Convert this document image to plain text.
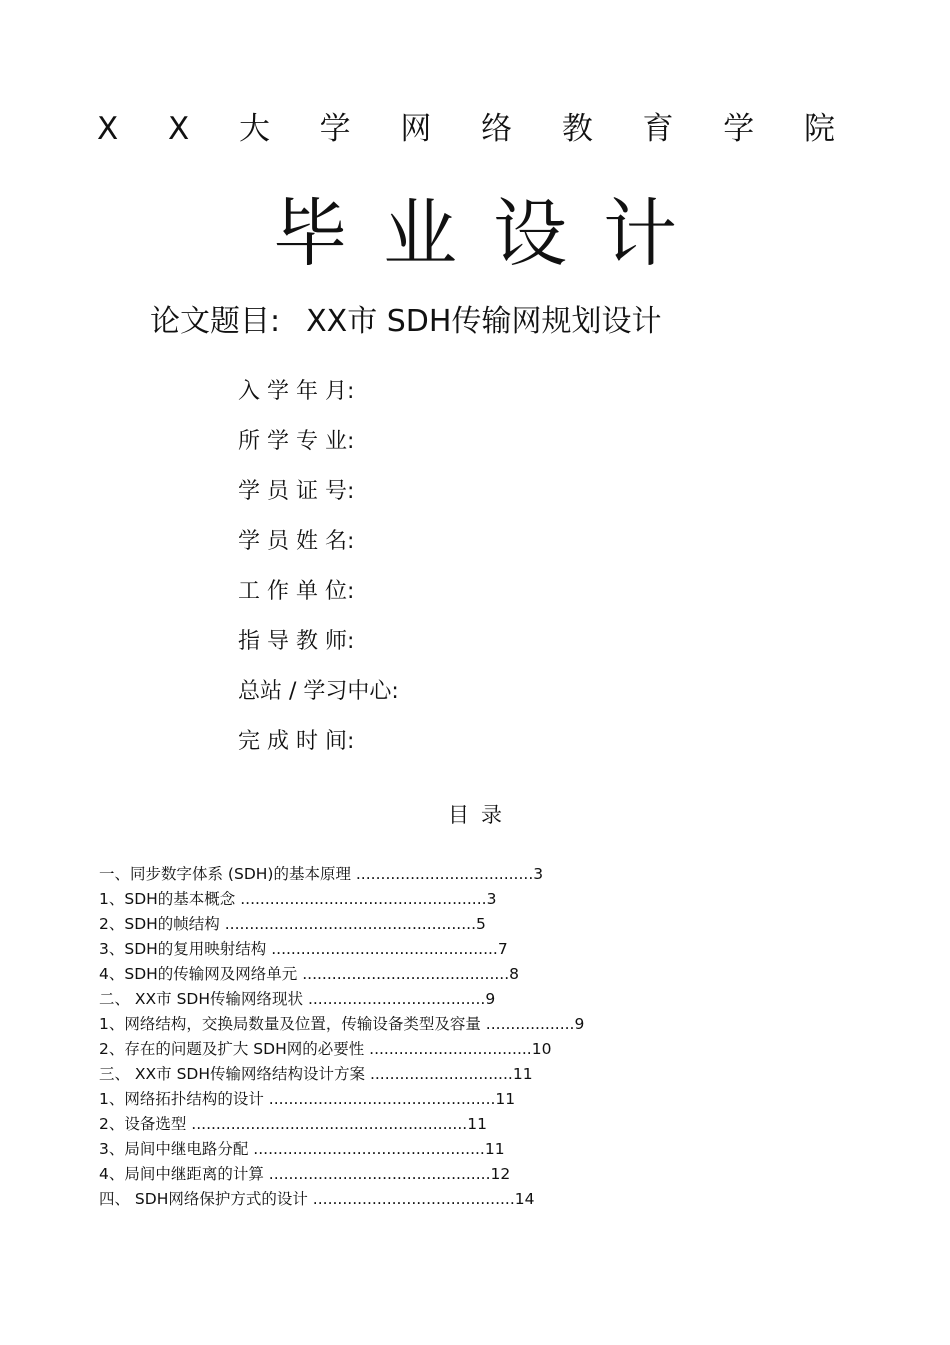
X X 大 学 网 络 教 育 学 院
毕业设计
论文题目: XX市 SDH传输网规划设计
入 学 年 月:
所 学 专 业:
学 员 证 号:
学 员 姓 名:
工 作 单 位:
指 导 教 师:
总站 / 学习中心:
完 成 时 间:
目录
一、同步数字体系 (SDH)的基本原理 ....................................3
1、SDH的基本概念 ..................................................3
2、SDH的帧结构 ...................................................5
3、SDH的复用映射结构 ..............................................7
4、SDH的传输网及网络单元 ..........................................8
二、 XX市 SDH传输网络现状 ....................................9
1、网络结构，交换局数量及位置，传输设备类型及容量 ..................9
2、存在的问题及扩大 SDH网的必要性 .................................10
三、 XX市 SDH传输网络结构设计方案 .............................11
1、网络拓扑结构的设计 ..............................................11
2、设备选型 ........................................................11
3、局间中继电路分配 ...............................................11
4、局间中继距离的计算 .............................................12
四、 SDH网络保护方式的设计 .........................................14
